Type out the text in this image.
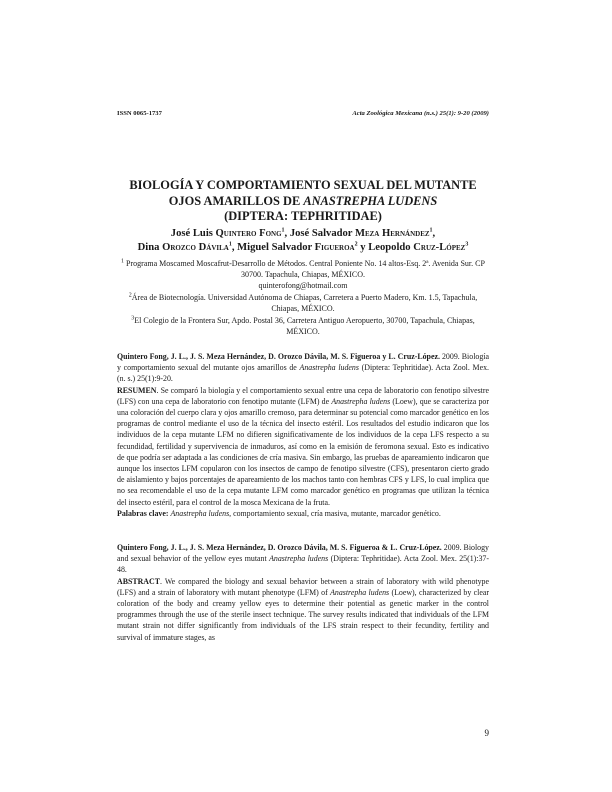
ISSN 0065-1737	Acta Zoológica Mexicana (n.s.) 25(1): 9-20 (2009)
BIOLOGÍA Y COMPORTAMIENTO SEXUAL DEL MUTANTE
OJOS AMARILLOS DE ANASTREPHA LUDENS
(DIPTERA: TEPHRITIDAE)
José Luis Quintero Fong$^1$, José Salvador Meza Hernández$^1$,
Dina Orozco Dávila$^1$, Miguel Salvador Figueroa$^2$ y Leopoldo Cruz-López$^3$
$^1$ Programa Moscamed Moscafrut-Desarrollo de Métodos. Central Poniente No. 14 altos-Esq. 2ª. Avenida Sur. CP 30700. Tapachula, Chiapas, MÉXICO.
quinterofong@hotmail.com
$^2$Área de Biotecnología. Universidad Autónoma de Chiapas, Carretera a Puerto Madero, Km. 1.5, Tapachula, Chiapas, MÉXICO.
$^3$El Colegio de la Frontera Sur, Apdo. Postal 36, Carretera Antiguo Aeropuerto, 30700, Tapachula, Chiapas, MÉXICO.

Quintero Fong, J. L., J. S. Meza Hernández, D. Orozco Dávila, M. S. Figueroa y L. Cruz-López. 2009. Biología y comportamiento sexual del mutante ojos amarillos de Anastrepha ludens (Diptera: Tephritidae). Acta Zool. Mex. (n. s.) 25(1):9-20.

RESUMEN. Se comparó la biología y el comportamiento sexual entre una cepa de laboratorio con fenotipo silvestre (LFS) con una cepa de laboratorio con fenotipo mutante (LFM) de Anastrepha ludens (Loew), que se caracteriza por una coloración del cuerpo clara y ojos amarillo cremoso, para determinar su potencial como marcador genético en los programas de control mediante el uso de la técnica del insecto estéril. Los resultados del estudio indicaron que los individuos de la cepa mutante LFM no difieren significativamente de los individuos de la cepa LFS respecto a su fecundidad, fertilidad y supervivencia de inmaduros, así como en la emisión de feromona sexual. Esto es indicativo de que podría ser adaptada a las condiciones de cría masiva. Sin embargo, las pruebas de apareamiento indicaron que aunque los insectos LFM copularon con los insectos de campo de fenotipo silvestre (CFS), presentaron cierto grado de aislamiento y bajos porcentajes de apareamiento de los machos tanto con hembras CFS y LFS, lo cual implica que no sea recomendable el uso de la cepa mutante LFM como marcador genético en programas que utilizan la técnica del insecto estéril, para el control de la mosca Mexicana de la fruta.

Palabras clave: Anastrepha ludens, comportamiento sexual, cría masiva, mutante, marcador genético.

Quintero Fong, J. L., J. S. Meza Hernández, D. Orozco Dávila, M. S. Figueroa & L. Cruz-López. 2009. Biology and sexual behavior of the yellow eyes mutant Anastrepha ludens (Diptera: Tephritidae). Acta Zool. Mex. 25(1):37-48.

ABSTRACT. We compared the biology and sexual behavior between a strain of laboratory with wild phenotype (LFS) and a strain of laboratory with mutant phenotype (LFM) of Anastrepha ludens (Loew), characterized by clear coloration of the body and creamy yellow eyes to determine their potential as genetic marker in the control programmes through the use of the sterile insect technique. The survey results indicated that individuals of the LFM mutant strain not differ significantly from individuals of the LFS strain respect to their fecundity, fertility and survival of immature stages, as

9
